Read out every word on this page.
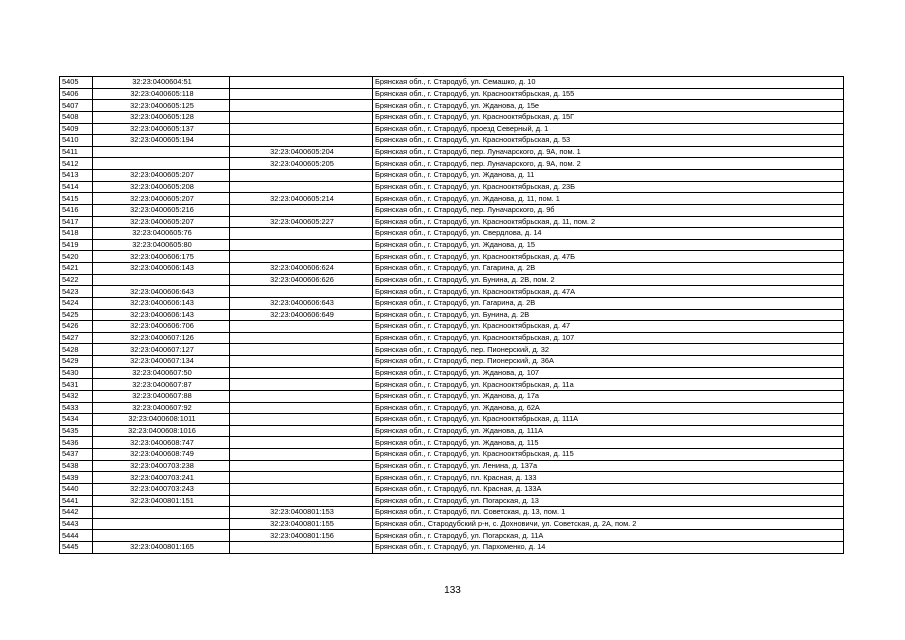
5405	32:23:0400604:51		Брянская обл., г. Стародуб, ул. Семашко, д. 10
5406	32:23:0400605:118		Брянская обл., г. Стародуб, ул. Краснооктябрьская, д. 155
5407	32:23:0400605:125		Брянская обл., г. Стародуб, ул. Жданова, д. 15е
5408	32:23:0400605:128		Брянская обл., г. Стародуб, ул. Краснооктябрьская, д. 15Г
5409	32:23:0400605:137		Брянская обл., г. Стародуб, проезд Северный, д. 1
5410	32:23:0400605:194		Брянская обл., г. Стародуб, ул. Краснооктябрьская, д. 53
5411		32:23:0400605:204	Брянская обл., г. Стародуб, пер. Луначарского, д. 9А, пом. 1
5412		32:23:0400605:205	Брянская обл., г. Стародуб, пер. Луначарского, д. 9А, пом. 2
5413	32:23:0400605:207		Брянская обл., г. Стародуб, ул. Жданова, д. 11
5414	32:23:0400605:208		Брянская обл., г. Стародуб, ул. Краснооктябрьская, д. 23Б
5415	32:23:0400605:207	32:23:0400605:214	Брянская обл., г. Стародуб, ул. Жданова, д. 11, пом. 1
5416	32:23:0400605:216		Брянская обл., г. Стародуб, пер. Луначарского, д. 9б
5417	32:23:0400605:207	32:23:0400605:227	Брянская обл., г. Стародуб, ул. Краснооктябрьская, д. 11, пом. 2
5418	32:23:0400605:76		Брянская обл., г. Стародуб, ул. Свердлова, д. 14
5419	32:23:0400605:80		Брянская обл., г. Стародуб, ул. Жданова, д. 15
5420	32:23:0400606:175		Брянская обл., г. Стародуб, ул. Краснооктябрьская, д. 47Б
5421	32:23:0400606:143	32:23:0400606:624	Брянская обл., г. Стародуб, ул. Гагарина, д. 2В
5422		32:23:0400606:626	Брянская обл., г. Стародуб, ул. Бунина, д. 2В, пом. 2
5423	32:23:0400606:643		Брянская обл., г. Стародуб, ул. Краснооктябрьская, д. 47А
5424	32:23:0400606:143	32:23:0400606:643	Брянская обл., г. Стародуб, ул. Гагарина, д. 2В
5425	32:23:0400606:143	32:23:0400606:649	Брянская обл., г. Стародуб, ул. Бунина, д. 2В
5426	32:23:0400606:706		Брянская обл., г. Стародуб, ул. Краснооктябрьская, д. 47
5427	32:23:0400607:126		Брянская обл., г. Стародуб, ул. Краснооктябрьская, д. 107
5428	32:23:0400607:127		Брянская обл., г. Стародуб, пер. Пионерский, д. 32
5429	32:23:0400607:134		Брянская обл., г. Стародуб, пер. Пионерский, д. 36А
5430	32:23:0400607:50		Брянская обл., г. Стародуб, ул. Жданова, д. 107
5431	32:23:0400607:87		Брянская обл., г. Стародуб, ул. Краснооктябрьская, д. 11а
5432	32:23:0400607:88		Брянская обл., г. Стародуб, ул. Жданова, д. 17а
5433	32:23:0400607:92		Брянская обл., г. Стародуб, ул. Жданова, д. 62А
5434	32:23:0400608:1011		Брянская обл., г. Стародуб, ул. Краснооктябрьская, д. 111А
5435	32:23:0400608:1016		Брянская обл., г. Стародуб, ул. Жданова, д. 111А
5436	32:23:0400608:747		Брянская обл., г. Стародуб, ул. Жданова, д. 115
5437	32:23:0400608:749		Брянская обл., г. Стародуб, ул. Краснооктябрьская, д. 115
5438	32:23:0400703:238		Брянская обл., г. Стародуб, ул. Ленина, д. 137а
5439	32:23:0400703:241		Брянская обл., г. Стародуб, пл. Красная, д. 133
5440	32:23:0400703:243		Брянская обл., г. Стародуб, пл. Красная, д. 133А
5441	32:23:0400801:151		Брянская обл., г. Стародуб, ул. Погарская, д. 13
5442		32:23:0400801:153	Брянская обл., г. Стародуб, пл. Советская, д. 13, пом. 1
5443		32:23:0400801:155	Брянская обл., Стародубский р-н, с. Дохновичи, ул. Советская, д. 2А, пом. 2
5444		32:23:0400801:156	Брянская обл., г. Стародуб, ул. Погарская, д. 11А
5445	32:23:0400801:165		Брянская обл., г. Стародуб, ул. Пархоменко, д. 14
133
